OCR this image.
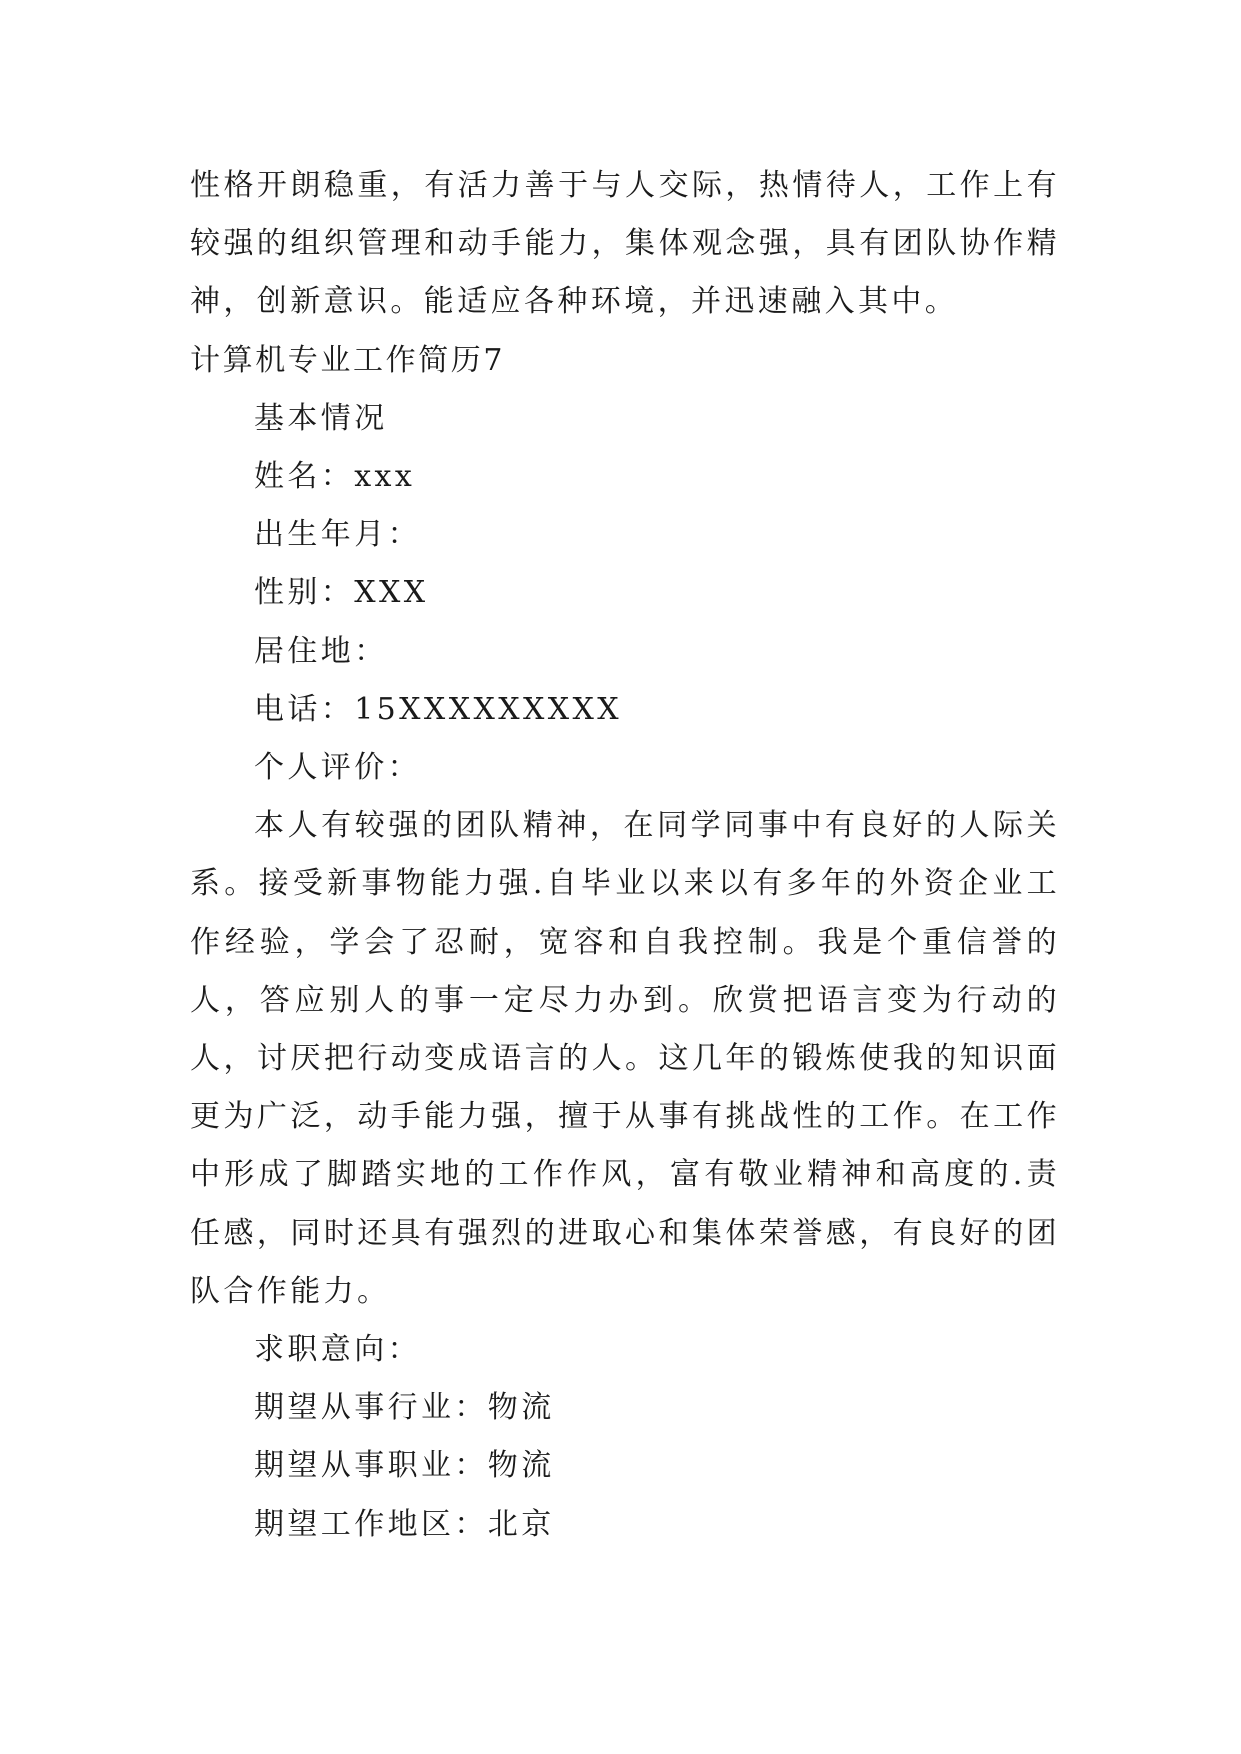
性格开朗稳重，有活力善于与人交际，热情待人，工作上有较强的组织管理和动手能力，集体观念强，具有团队协作精神，创新意识。能适应各种环境，并迅速融入其中。

计算机专业工作简历7

基本情况

姓名：xxx

出生年月：

性别：XXX

居住地：

电话：15XXXXXXXXX

个人评价：

本人有较强的团队精神，在同学同事中有良好的人际关系。接受新事物能力强.自毕业以来以有多年的外资企业工作经验，学会了忍耐，宽容和自我控制。我是个重信誉的人，答应别人的事一定尽力办到。欣赏把语言变为行动的人，讨厌把行动变成语言的人。这几年的锻炼使我的知识面更为广泛，动手能力强，擅于从事有挑战性的工作。在工作中形成了脚踏实地的工作作风，富有敬业精神和高度的.责任感，同时还具有强烈的进取心和集体荣誉感，有良好的团队合作能力。

求职意向：

期望从事行业：物流

期望从事职业：物流

期望工作地区：北京
